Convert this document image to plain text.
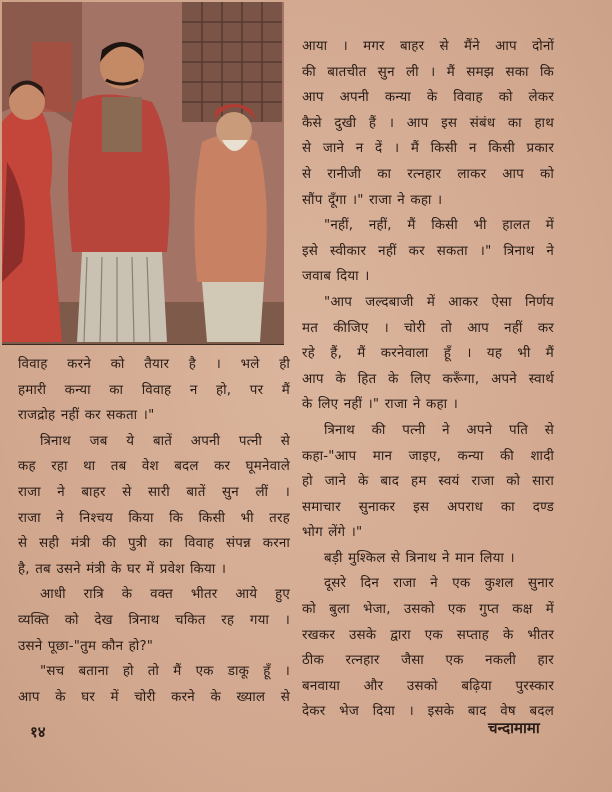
आया । मगर बाहर से मैंने आप दोनों
की बातचीत सुन ली । मैं समझ सका कि
आप अपनी कन्या के विवाह को लेकर
कैसे दुखी हैं । आप इस संबंध का हाथ
से जाने न दें । मैं किसी न किसी प्रकार
से रानीजी का रत्नहार लाकर आप को
सौंप दूँगा ।" राजा ने कहा ।
"नहीं, नहीं, मैं किसी भी हालत में
इसे स्वीकार नहीं कर सकता ।" त्रिनाथ ने
जवाब दिया ।
"आप जल्दबाजी में आकर ऐसा निर्णय
मत कीजिए । चोरी तो आप नहीं कर
रहे हैं, मैं करनेवाला हूँ । यह भी मैं
आप के हित के लिए करूँगा, अपने स्वार्थ
के लिए नहीं ।" राजा ने कहा ।
त्रिनाथ की पत्नी ने अपने पति से
कहा-"आप मान जाइए, कन्या की शादी
हो जाने के बाद हम स्वयं राजा को सारा
समाचार सुनाकर इस अपराध का दण्ड
भोग लेंगे ।"
बड़ी मुश्किल से त्रिनाथ ने मान लिया ।
दूसरे दिन राजा ने एक कुशल सुनार
को बुला भेजा, उसको एक गुप्त कक्ष में
रखकर उसके द्वारा एक सप्ताह के भीतर
ठीक रत्नहार जैसा एक नकली हार
बनवाया और उसको बढ़िया पुरस्कार
देकर भेज दिया । इसके बाद वेष बदल
विवाह करने को तैयार है । भले ही
हमारी कन्या का विवाह न हो, पर मैं
राजद्रोह नहीं कर सकता ।"
त्रिनाथ जब ये बातें अपनी पत्नी से
कह रहा था तब वेश बदल कर घूमनेवाले
राजा ने बाहर से सारी बातें सुन लीं ।
राजा ने निश्चय किया कि किसी भी तरह
से सही मंत्री की पुत्री का विवाह संपन्न करना
है, तब उसने मंत्री के घर में प्रवेश किया ।
आधी रात्रि के वक्त भीतर आये हुए
व्यक्ति को देख त्रिनाथ चकित रह गया ।
उसने पूछा-"तुम कौन हो?"
"सच बताना हो तो मैं एक डाकू हूँ ।
आप के घर में चोरी करने के ख्याल से
१४	चन्दामामा
